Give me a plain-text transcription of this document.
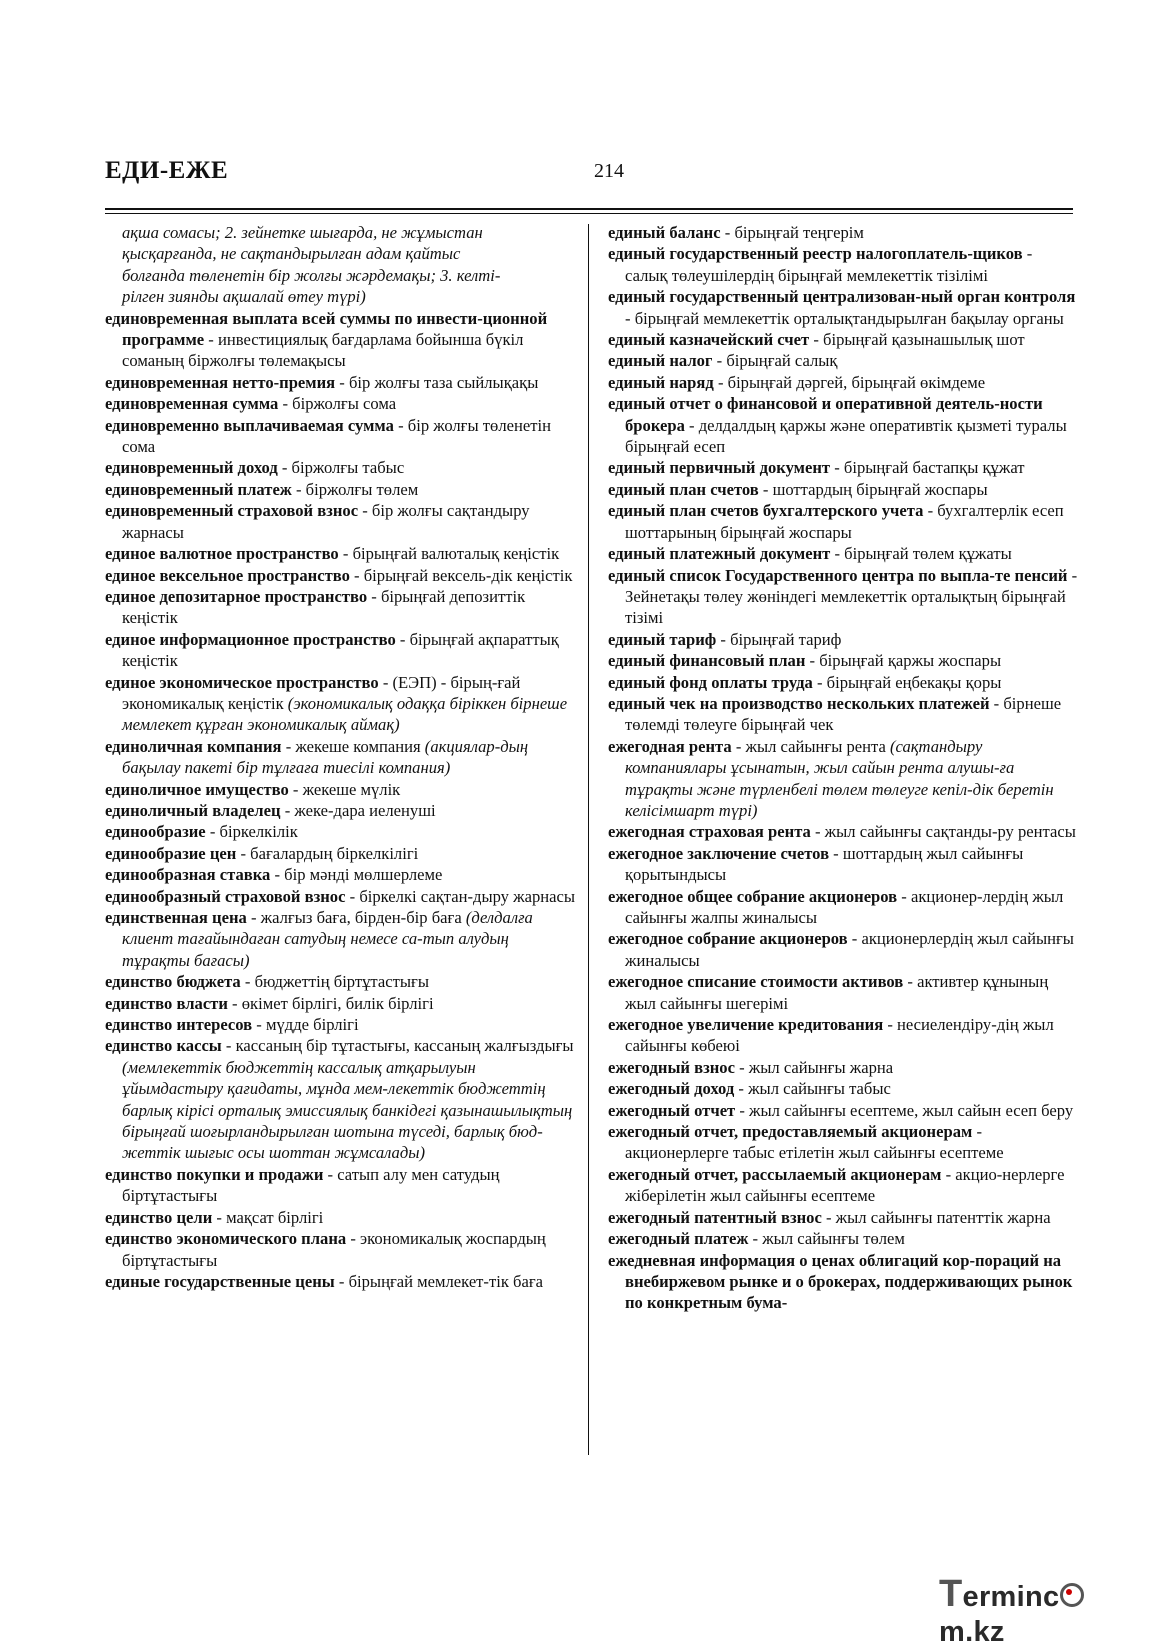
ЕДИ-ЕЖЕ	214
ақша сомасы; 2. зейнетке шығарда, не жұмыстан
қысқарғанда, не сақтандырылған адам қайтыс
болғанда төленетін бір жолғы жәрдемақы; 3. келті-
рілген зиянды ақшалай өтеу түрі)
единовременная выплата всей суммы по инвести-ционной программе - инвестициялық бағдарлама бойынша бүкіл соманың біржолғы төлемақысы
единовременная нетто-премия - бір жолғы таза сыйлықақы
единовременная сумма - біржолғы сома
единовременно выплачиваемая сумма - бір жолғы төленетін сома
единовременный доход - біржолғы табыс
единовременный платеж - біржолғы төлем
единовременный страховой взнос - бір жолғы сақтандыру жарнасы
единое валютное пространство - бірыңғай валюталық кеңістік
единое вексельное пространство - бірыңғай вексель-дік кеңістік
единое депозитарное пространство - бірыңғай депозиттік кеңістік
единое информационное пространство - бірыңғай ақпараттық кеңістік
единое экономическое пространство - (ЕЭП) - бірың-ғай экономикалық кеңістік (экономикалық одаққа біріккен бірнеше мемлекет құрған экономикалық аймақ)
единоличная компания - жекеше компания (акциялар-дың бақылау пакеті бір тұлғаға тиесілі компания)
единоличное имущество - жекеше мүлік
единоличный владелец - жеке-дара иеленуші
единообразие - біркелкілік
единообразие цен - бағалардың біркелкілігі
единообразная ставка - бір мәнді мөлшерлеме
единообразный страховой взнос - біркелкі сақтан-дыру жарнасы
единственная цена - жалғыз баға, бірден-бір баға (делдалға клиент тағайындаған сатудың немесе са-тып алудың тұрақты бағасы)
единство бюджета - бюджеттің біртұтастығы
единство власти - өкімет бірлігі, билік бірлігі
единство интересов - мүдде бірлігі
единство кассы - кассаның бір тұтастығы, кассаның жалғыздығы (мемлекеттік бюджеттің кассалық атқарылуын ұйымдастыру қағидаты, мұнда мем-лекеттік бюджеттің барлық кірісі орталық эмиссиялық банкідегі қазынашылықтың бірыңғай шоғырландырылған шотына түседі, барлық бюд-жеттік шығыс осы шоттан жұмсалады)
единство покупки и продажи - сатып алу мен сатудың біртұтастығы
единство цели - мақсат бірлігі
единство экономического плана - экономикалық жоспардың біртұтастығы
единые государственные цены - бірыңғай мемлекет-тік баға
единый баланс - бірыңғай теңгерім
единый государственный реестр налогоплатель-щиков - салық төлеушілердің бірыңғай мемлекеттік тізілімі
единый государственный централизован-ный орган контроля - бірыңғай мемлекеттік орталықтандырылған бақылау органы
единый казначейский счет - бірыңғай қазынашылық шот
единый налог - бірыңғай салық
единый наряд - бірыңғай дәргей, бірыңғай өкімдеме
единый отчет о финансовой и оперативной деятель-ности брокера - делдалдың қаржы және оперативтік қызметі туралы бірыңғай есеп
единый первичный документ - бірыңғай бастапқы құжат
единый план счетов - шоттардың бірыңғай жоспары
единый план счетов бухгалтерского учета - бухгалтерлік есеп шоттарының бірыңғай жоспары
единый платежный документ - бірыңғай төлем құжаты
единый список Государственного центра по выпла-те пенсий - Зейнетақы төлеу жөніндегі мемлекеттік орталықтың бірыңғай тізімі
единый тариф - бірыңғай тариф
единый финансовый план - бірыңғай қаржы жоспары
единый фонд оплаты труда - бірыңғай еңбекақы қоры
единый чек на производство нескольких платежей - бірнеше төлемді төлеуге бірыңғай чек
ежегодная рента - жыл сайынғы рента (сақтандыру компаниялары ұсынатын, жыл сайын рента алушы-ға тұрақты және түрленбелі төлем төлеуге кепіл-дік беретін келісімшарт түрі)
ежегодная страховая рента - жыл сайынғы сақтанды-ру рентасы
ежегодное заключение счетов - шоттардың жыл сайынғы қорытындысы
ежегодное общее собрание акционеров - акционер-лердің жыл сайынғы жалпы жиналысы
ежегодное собрание акционеров - акционерлердің жыл сайынғы жиналысы
ежегодное списание стоимости активов - активтер құнының жыл сайынғы шегерімі
ежегодное увеличение кредитования - несиелендіру-дің жыл сайынғы көбеюі
ежегодный взнос - жыл сайынғы жарна
ежегодный доход - жыл сайынғы табыс
ежегодный отчет - жыл сайынғы есептеме, жыл сайын есеп беру
ежегодный отчет, предоставляемый акционерам - акционерлерге табыс етілетін жыл сайынғы есептеме
ежегодный отчет, рассылаемый акционерам - акцио-нерлерге жіберілетін жыл сайынғы есептеме
ежегодный патентный взнос - жыл сайынғы патенттік жарна
ежегодный платеж - жыл сайынғы төлем
ежедневная информация о ценах облигаций кор-пораций на внебиржевом рынке и о брокерах, поддерживающих рынок по конкретным бума-
Termincm.kz
